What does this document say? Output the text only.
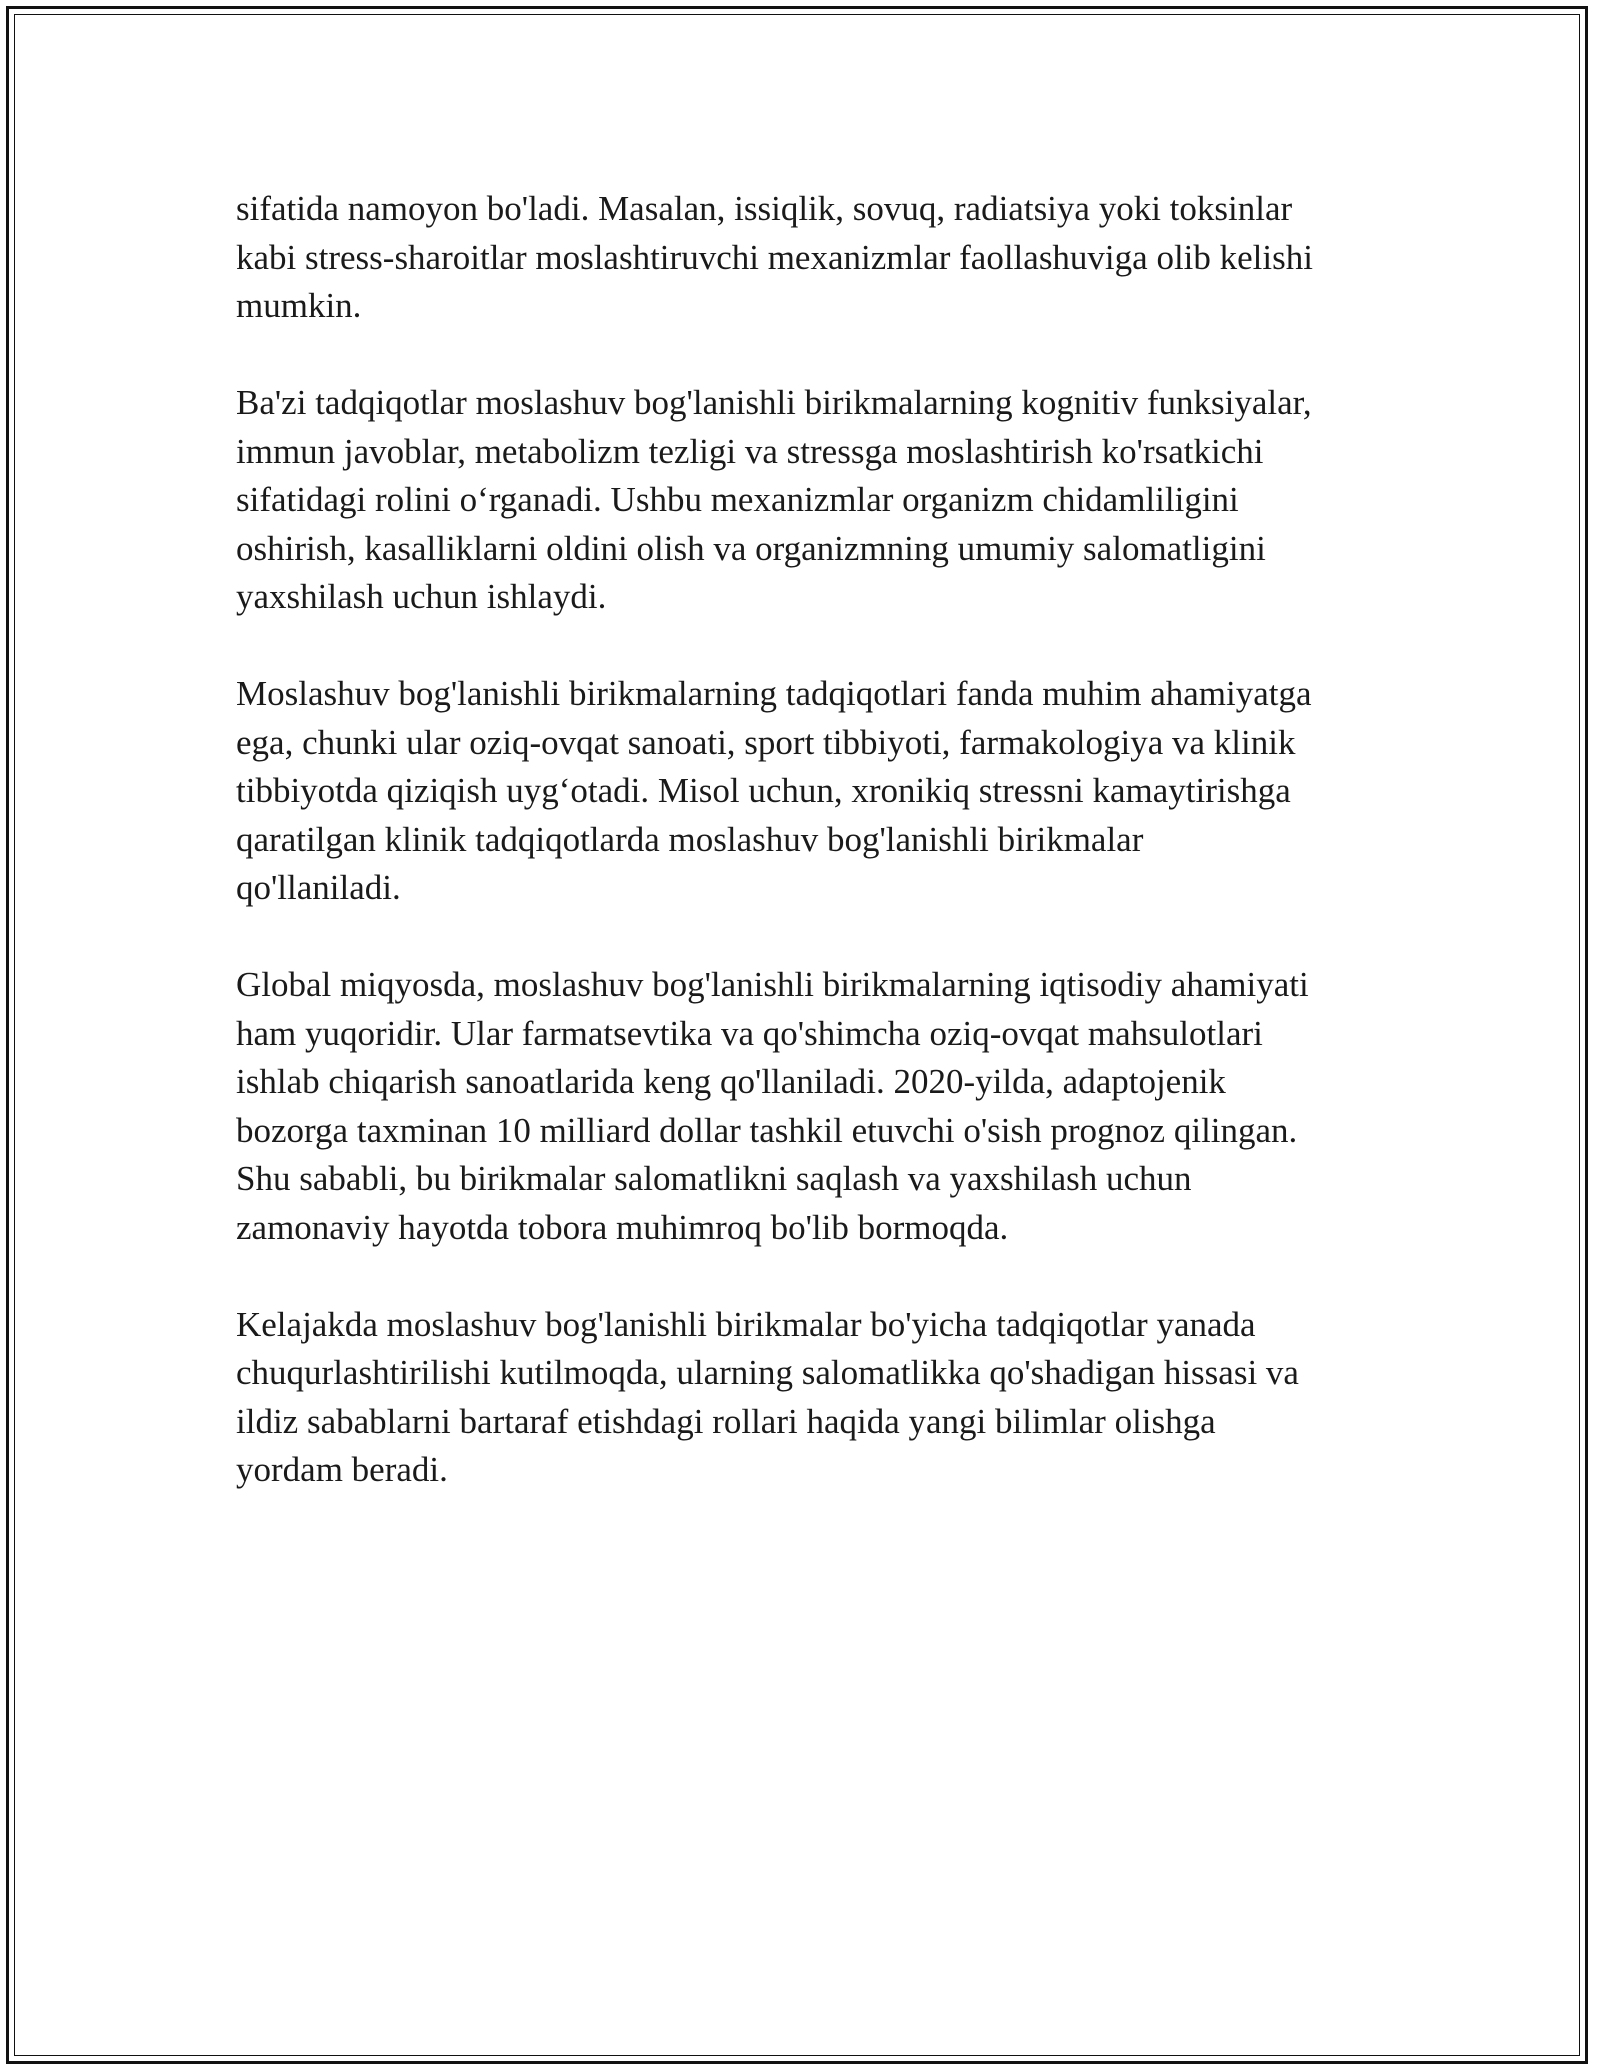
sifatida namoyon bo'ladi. Masalan, issiqlik, sovuq, radiatsiya yoki toksinlar
kabi stress-sharoitlar moslashtiruvchi mexanizmlar faollashuviga olib kelishi
mumkin.

Ba'zi tadqiqotlar moslashuv bog'lanishli birikmalarning kognitiv funksiyalar,
immun javoblar, metabolizm tezligi va stressga moslashtirish ko'rsatkichi
sifatidagi rolini o‘rganadi. Ushbu mexanizmlar organizm chidamliligini
oshirish, kasalliklarni oldini olish va organizmning umumiy salomatligini
yaxshilash uchun ishlaydi.

Moslashuv bog'lanishli birikmalarning tadqiqotlari fanda muhim ahamiyatga
ega, chunki ular oziq-ovqat sanoati, sport tibbiyoti, farmakologiya va klinik
tibbiyotda qiziqish uyg‘otadi. Misol uchun, xronikiq stressni kamaytirishga
qaratilgan klinik tadqiqotlarda moslashuv bog'lanishli birikmalar
qo'llaniladi.

Global miqyosda, moslashuv bog'lanishli birikmalarning iqtisodiy ahamiyati
ham yuqoridir. Ular farmatsevtika va qo'shimcha oziq-ovqat mahsulotlari
ishlab chiqarish sanoatlarida keng qo'llaniladi. 2020-yilda, adaptojenik
bozorga taxminan 10 milliard dollar tashkil etuvchi o'sish prognoz qilingan.
Shu sababli, bu birikmalar salomatlikni saqlash va yaxshilash uchun
zamonaviy hayotda tobora muhimroq bo'lib bormoqda.

Kelajakda moslashuv bog'lanishli birikmalar bo'yicha tadqiqotlar yanada
chuqurlashtirilishi kutilmoqda, ularning salomatlikka qo'shadigan hissasi va
ildiz sabablarni bartaraf etishdagi rollari haqida yangi bilimlar olishga
yordam beradi.
